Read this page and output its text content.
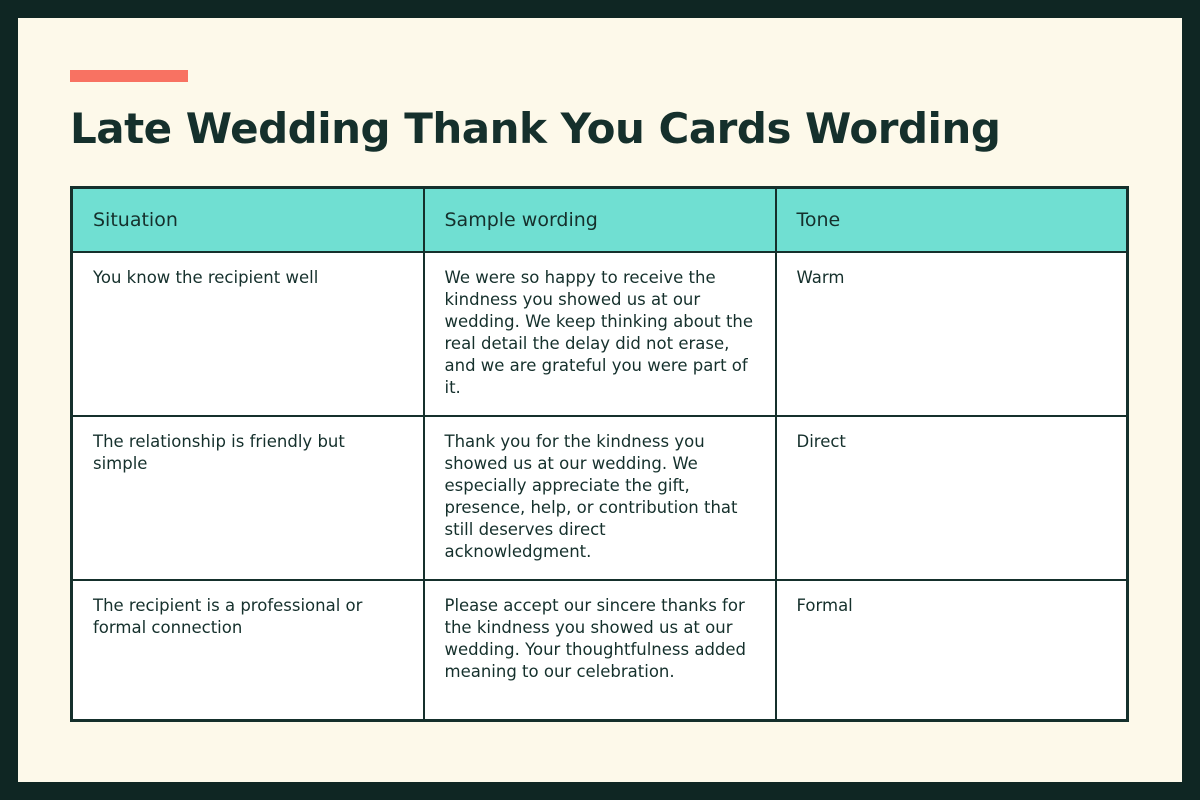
Late Wedding Thank You Cards Wording
Situation	Sample wording	Tone
You know the recipient well	We were so happy to receive the kindness you showed us at our wedding. We keep thinking about the real detail the delay did not erase, and we are grateful you were part of it.	Warm
The relationship is friendly but simple	Thank you for the kindness you showed us at our wedding. We especially appreciate the gift, presence, help, or contribution that still deserves direct acknowledgment.	Direct
The recipient is a professional or formal connection	Please accept our sincere thanks for the kindness you showed us at our wedding. Your thoughtfulness added meaning to our celebration.	Formal
